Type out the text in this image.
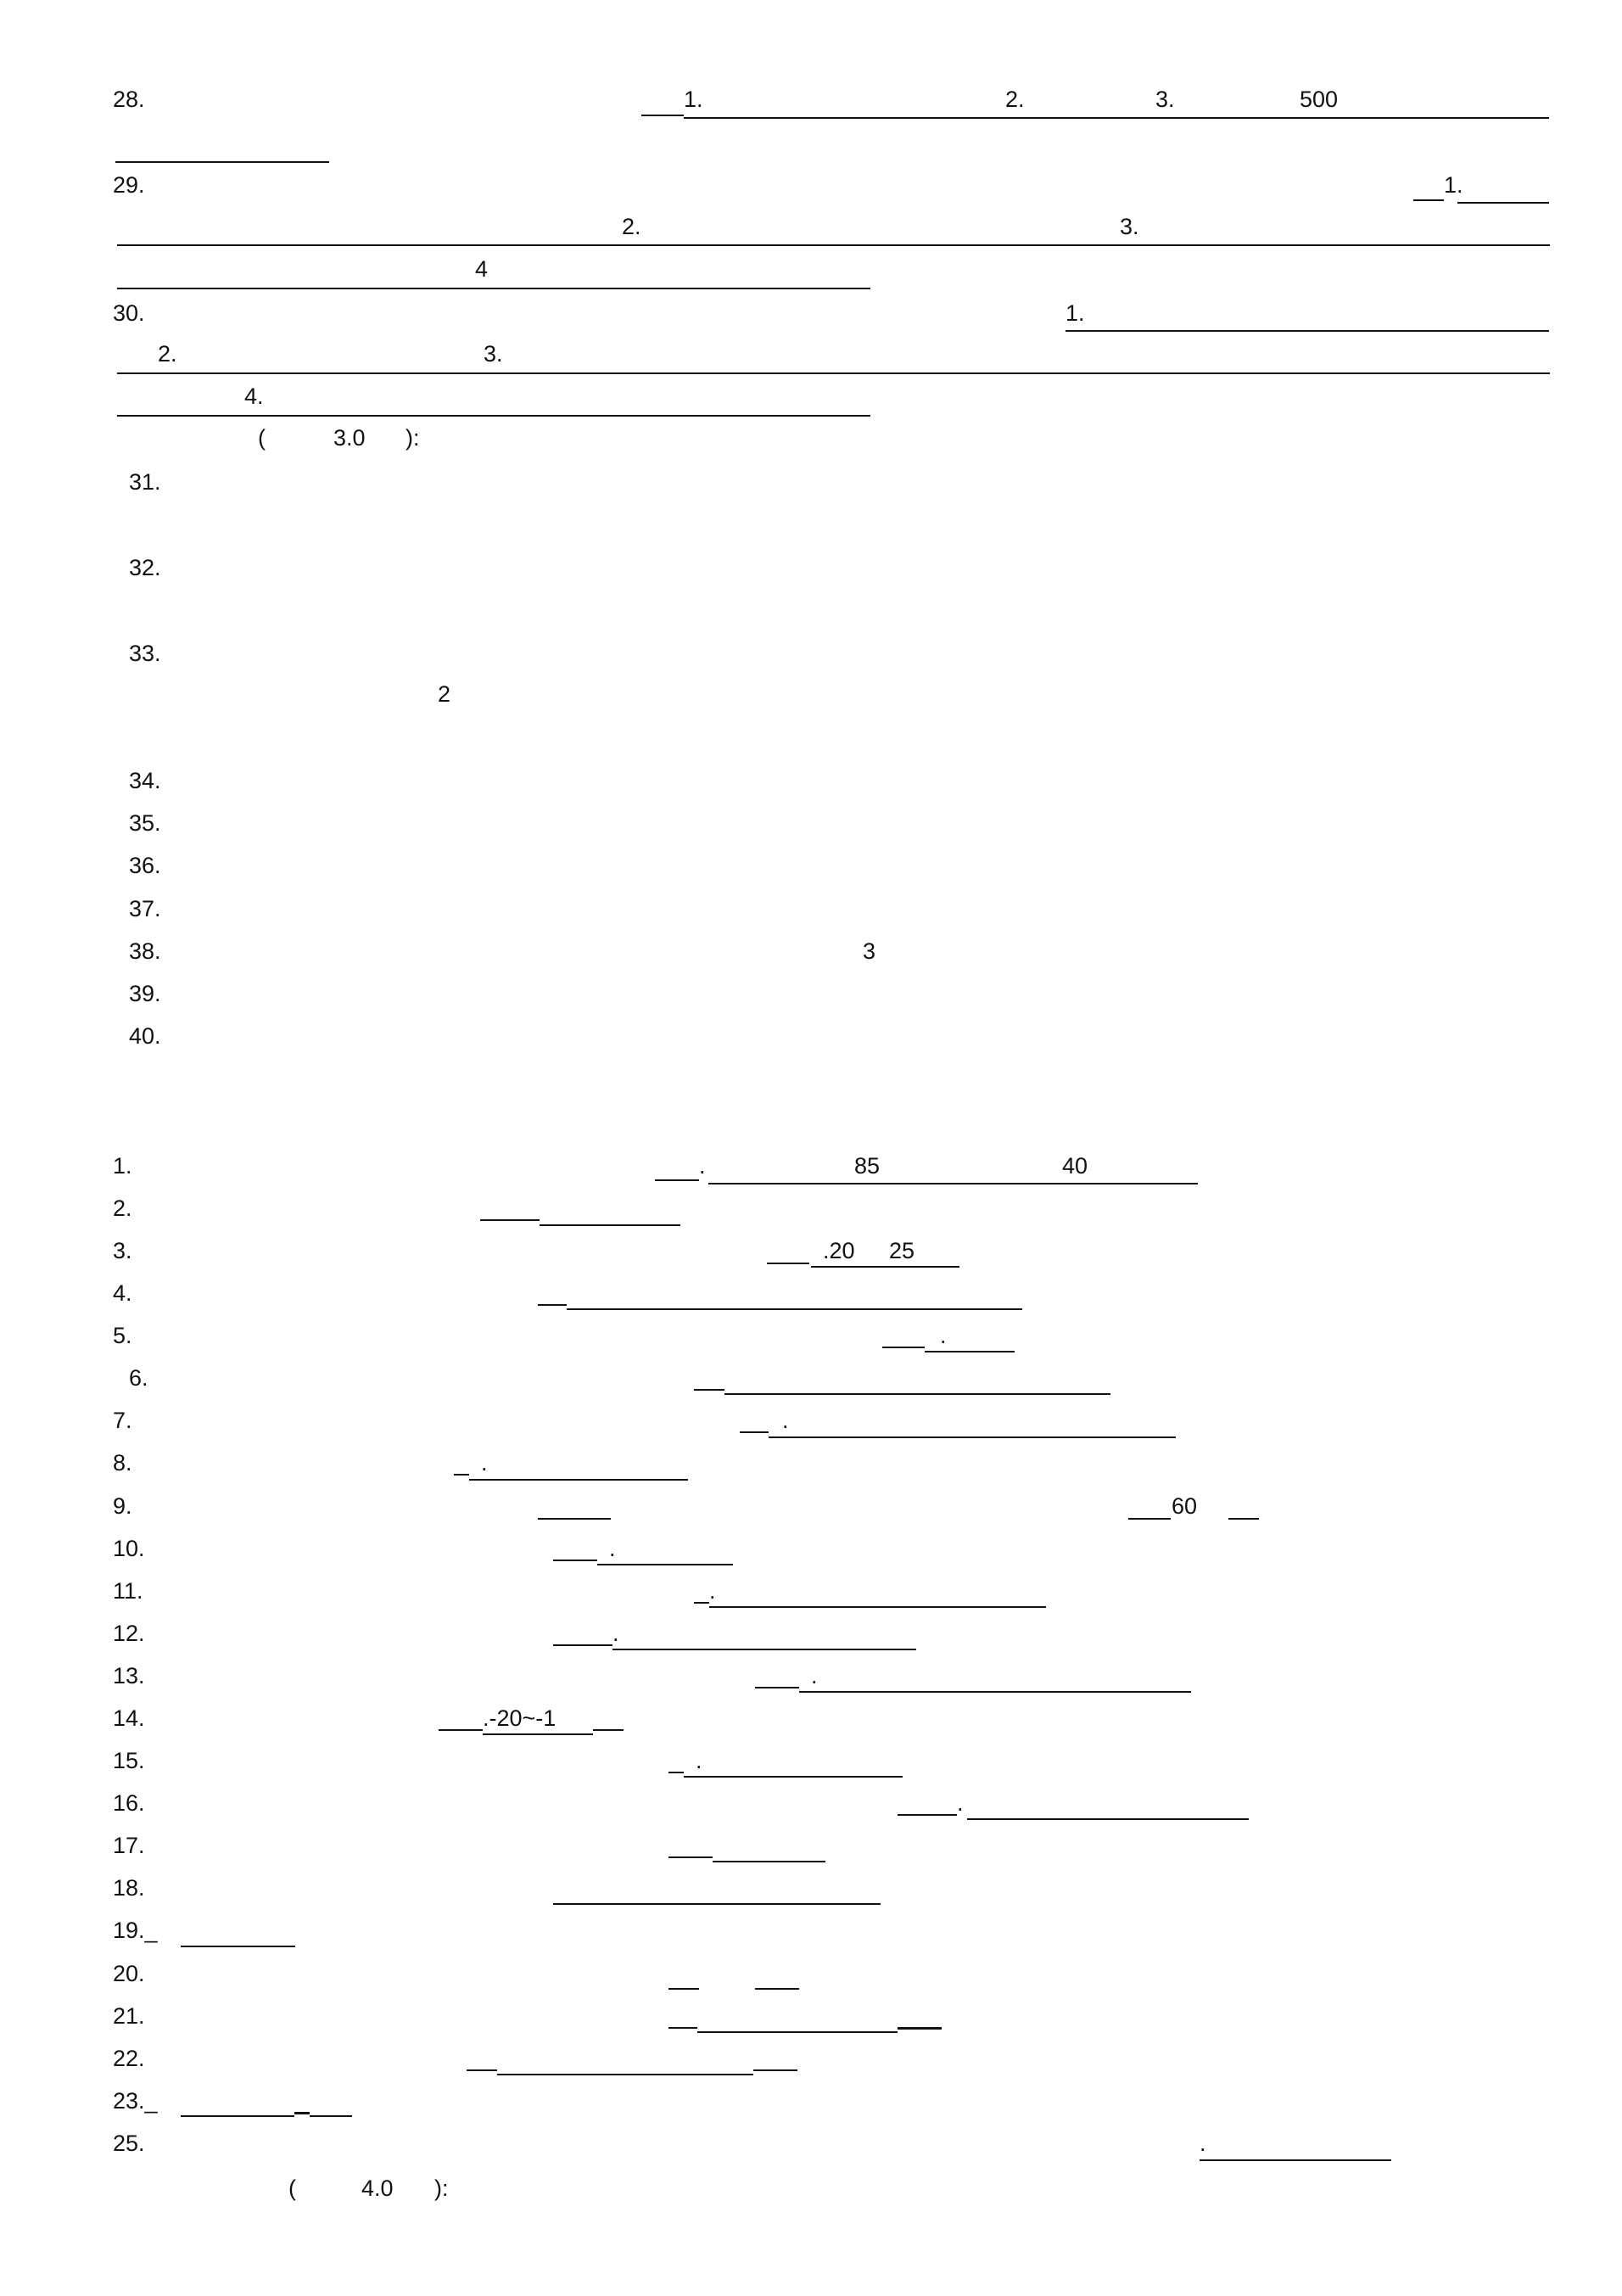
28.	1.	2.	3.	500
29.	1.
2.	3.
4
30.	1.
2.	3.
4.
(	3.0 ):
31.
32.
33.
2
34.
35.
36.
37.
38.	3
39.
40.
1.	.	85	40
2.
3.	.20 25
4.
5.	.
6.
7.	.
8.	.
9.	60
10.	.
11.	.
12.	.
13.	.
14.	.-20~-1
15.	.
16.	.
17.
18.
19._
20.
21.
22.
23._
25.	.
(	4.0 ):
